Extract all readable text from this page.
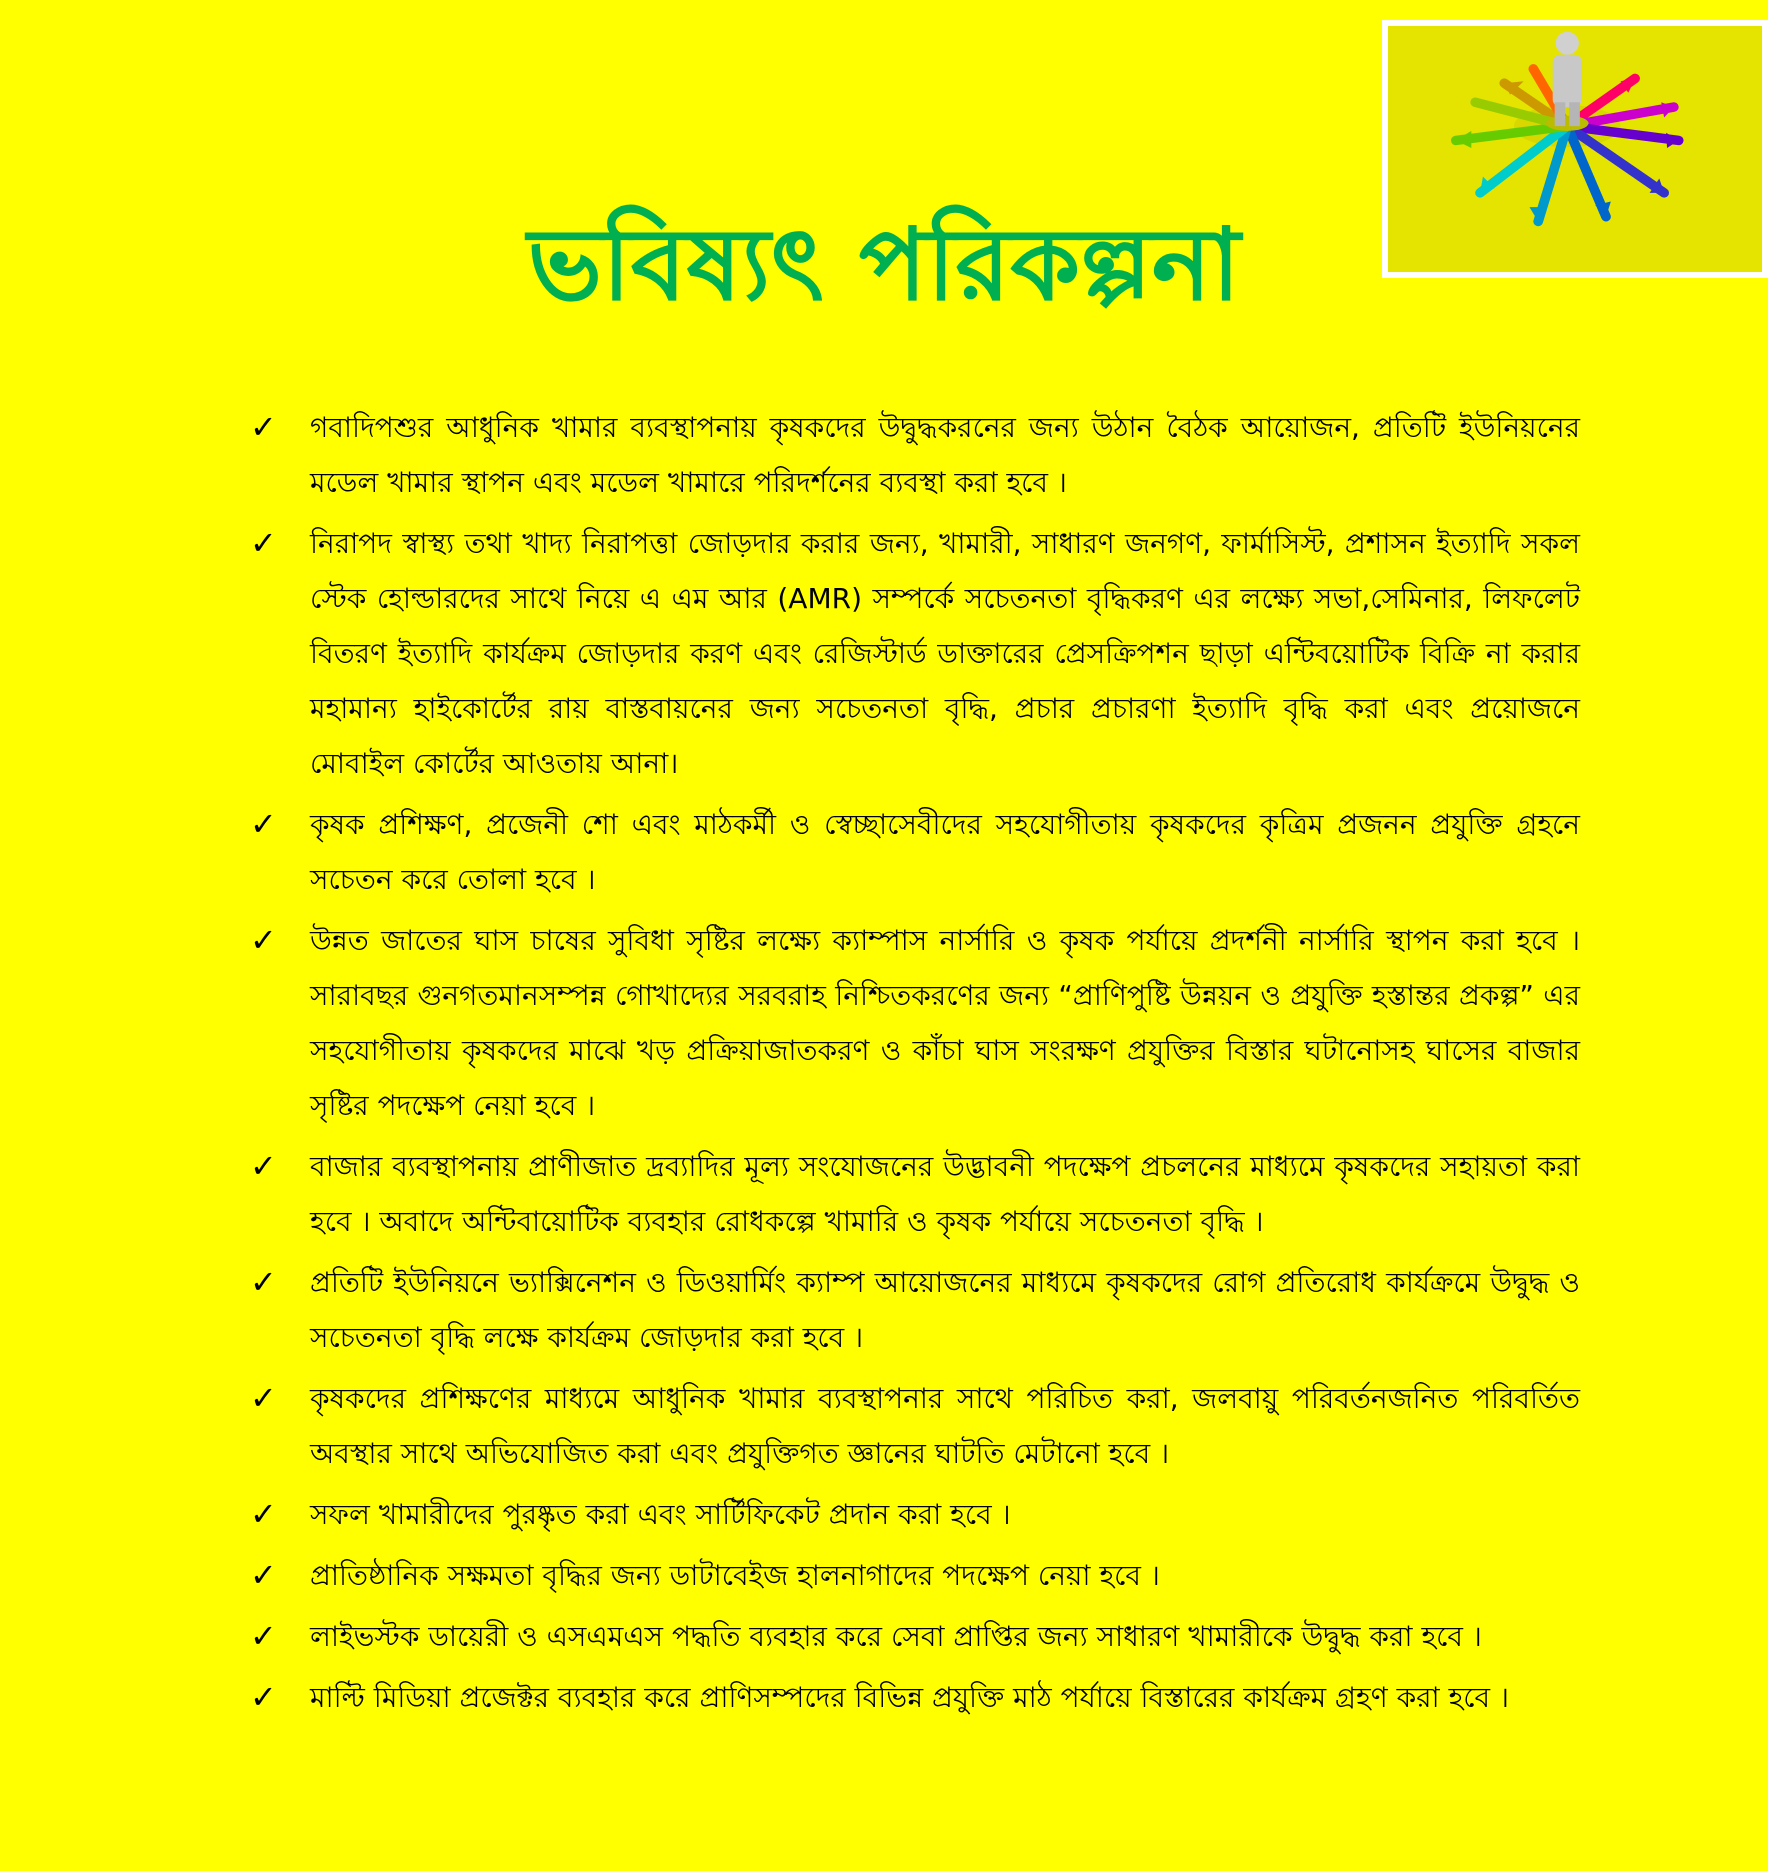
ভবিষ্যৎ পরিকল্পনা
✓ গবাদিপশুর আধুনিক খামার ব্যবস্থাপনায় কৃষকদের উদ্বুদ্ধকরনের জন্য উঠান বৈঠক আয়োজন, প্রতিটি ইউনিয়নের মডেল খামার স্থাপন এবং মডেল খামারে পরিদর্শনের ব্যবস্থা করা হবে ।
✓ নিরাপদ স্বাস্থ্য তথা খাদ্য নিরাপত্তা জোড়দার করার জন্য, খামারী, সাধারণ জনগণ, ফার্মাসিস্ট, প্রশাসন ইত্যাদি সকল স্টেক হোল্ডারদের সাথে নিয়ে এ এম আর (AMR) সম্পর্কে সচেতনতা বৃদ্ধিকরণ এর লক্ষ্যে সভা,সেমিনার, লিফলেট বিতরণ ইত্যাদি কার্যক্রম জোড়দার করণ এবং রেজিস্টার্ড ডাক্তারের প্রেসক্রিপশন ছাড়া এন্টিবয়োটিক বিক্রি না করার মহামান্য হাইকোর্টের রায় বাস্তবায়নের জন্য সচেতনতা বৃদ্ধি, প্রচার প্রচারণা ইত্যাদি বৃদ্ধি করা এবং প্রয়োজনে মোবাইল কোর্টের আওতায় আনা।
✓ কৃষক প্রশিক্ষণ, প্রজেনী শো এবং মাঠকর্মী ও স্বেচ্ছাসেবীদের সহযোগীতায় কৃষকদের কৃত্রিম প্রজনন প্রযুক্তি গ্রহনে সচেতন করে তোলা হবে ।
✓ উন্নত জাতের ঘাস চাষের সুবিধা সৃষ্টির লক্ষ্যে ক্যাম্পাস নার্সারি ও কৃষক পর্যায়ে প্রদর্শনী নার্সারি স্থাপন করা হবে । সারাবছর গুনগতমানসম্পন্ন গোখাদ্যের সরবরাহ নিশ্চিতকরণের জন্য “প্রাণিপুষ্টি উন্নয়ন ও প্রযুক্তি হস্তান্তর প্রকল্প” এর সহযোগীতায় কৃষকদের মাঝে খড় প্রক্রিয়াজাতকরণ ও কাঁচা ঘাস সংরক্ষণ প্রযুক্তির বিস্তার ঘটানোসহ ঘাসের বাজার সৃষ্টির পদক্ষেপ নেয়া হবে ।
✓ বাজার ব্যবস্থাপনায় প্রাণীজাত দ্রব্যাদির মূল্য সংযোজনের উদ্ভাবনী পদক্ষেপ প্রচলনের মাধ্যমে কৃষকদের সহায়তা করা হবে । অবাদে অন্টিবায়োটিক ব্যবহার রোধকল্পে খামারি ও কৃষক পর্যায়ে সচেতনতা বৃদ্ধি ।
✓ প্রতিটি ইউনিয়নে ভ্যাক্সিনেশন ও ডিওয়ার্মিং ক্যাম্প আয়োজনের মাধ্যমে কৃষকদের রোগ প্রতিরোধ কার্যক্রমে উদ্বুদ্ধ ও সচেতনতা বৃদ্ধি লক্ষে কার্যক্রম জোড়দার করা হবে ।
✓ কৃষকদের প্রশিক্ষণের মাধ্যমে আধুনিক খামার ব্যবস্থাপনার সাথে পরিচিত করা, জলবায়ু পরিবর্তনজনিত পরিবর্তিত অবস্থার সাথে অভিযোজিত করা এবং প্রযুক্তিগত জ্ঞানের ঘাটতি মেটানো হবে ।
✓ সফল খামারীদের পুরষ্কৃত করা এবং সার্টিফিকেট প্রদান করা হবে ।
✓ প্রাতিষ্ঠানিক সক্ষমতা বৃদ্ধির জন্য ডাটাবেইজ হালনাগাদের পদক্ষেপ নেয়া হবে ।
✓ লাইভস্টক ডায়েরী ও এসএমএস পদ্ধতি ব্যবহার করে সেবা প্রাপ্তির জন্য সাধারণ খামারীকে উদ্বুদ্ধ করা হবে ।
✓ মাল্টি মিডিয়া প্রজেক্টর ব্যবহার করে প্রাণিসম্পদের বিভিন্ন প্রযুক্তি মাঠ পর্যায়ে বিস্তারের কার্যক্রম গ্রহণ করা হবে ।
